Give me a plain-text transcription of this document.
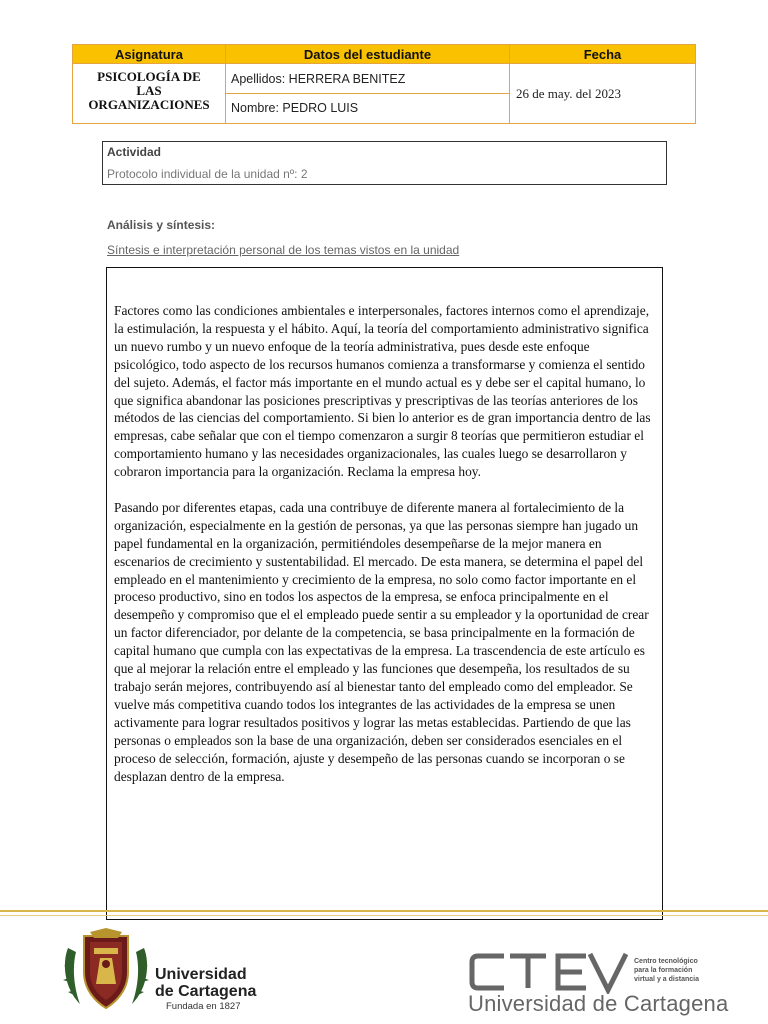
Asignatura	Datos del estudiante	Fecha
PSICOLOGÍA DE
LAS
ORGANIZACIONES
Apellidos: HERRERA BENITEZ
Nombre: PEDRO LUIS
26 de may. del 2023
Actividad
Protocolo individual de la unidad nº: 2
Análisis y síntesis:
Síntesis e interpretación personal de los temas vistos en la unidad

Factores como las condiciones ambientales e interpersonales, factores internos como el aprendizaje, la estimulación, la respuesta y el hábito. Aquí, la teoría del comportamiento administrativo significa un nuevo rumbo y un nuevo enfoque de la teoría administrativa, pues desde este enfoque psicológico, todo aspecto de los recursos humanos comienza a transformarse y comienza el sentido del sujeto. Además, el factor más importante en el mundo actual es y debe ser el capital humano, lo que significa abandonar las posiciones prescriptivas y prescriptivas de las teorías anteriores de los métodos de las ciencias del comportamiento. Si bien lo anterior es de gran importancia dentro de las empresas, cabe señalar que con el tiempo comenzaron a surgir 8 teorías que permitieron estudiar el comportamiento humano y las necesidades organizacionales, las cuales luego se desarrollaron y cobraron importancia para la organización. Reclama la empresa hoy.

Pasando por diferentes etapas, cada una contribuye de diferente manera al fortalecimiento de la organización, especialmente en la gestión de personas, ya que las personas siempre han jugado un papel fundamental en la organización, permitiéndoles desempeñarse de la mejor manera en escenarios de crecimiento y sustentabilidad. El mercado. De esta manera, se determina el papel del empleado en el mantenimiento y crecimiento de la empresa, no solo como factor importante en el proceso productivo, sino en todos los aspectos de la empresa, se enfoca principalmente en el desempeño y compromiso que el el empleado puede sentir a su empleador y la oportunidad de crear un factor diferenciador, por delante de la competencia, se basa principalmente en la formación de capital humano que cumpla con las expectativas de la empresa. La trascendencia de este artículo es que al mejorar la relación entre el empleado y las funciones que desempeña, los resultados de su trabajo serán mejores, contribuyendo así al bienestar tanto del empleado como del empleador. Se vuelve más competitiva cuando todos los integrantes de las actividades de la empresa se unen activamente para lograr resultados positivos y lograr las metas establecidas. Partiendo de que las personas o empleados son la base de una organización, deben ser considerados esenciales en el proceso de selección, formación, ajuste y desempeño de las personas cuando se incorporan o se desplazan dentro de la empresa.

Universidad
de Cartagena
Fundada en 1827
Centro tecnológico
para la formación
virtual y a distancia
Universidad de Cartagena
